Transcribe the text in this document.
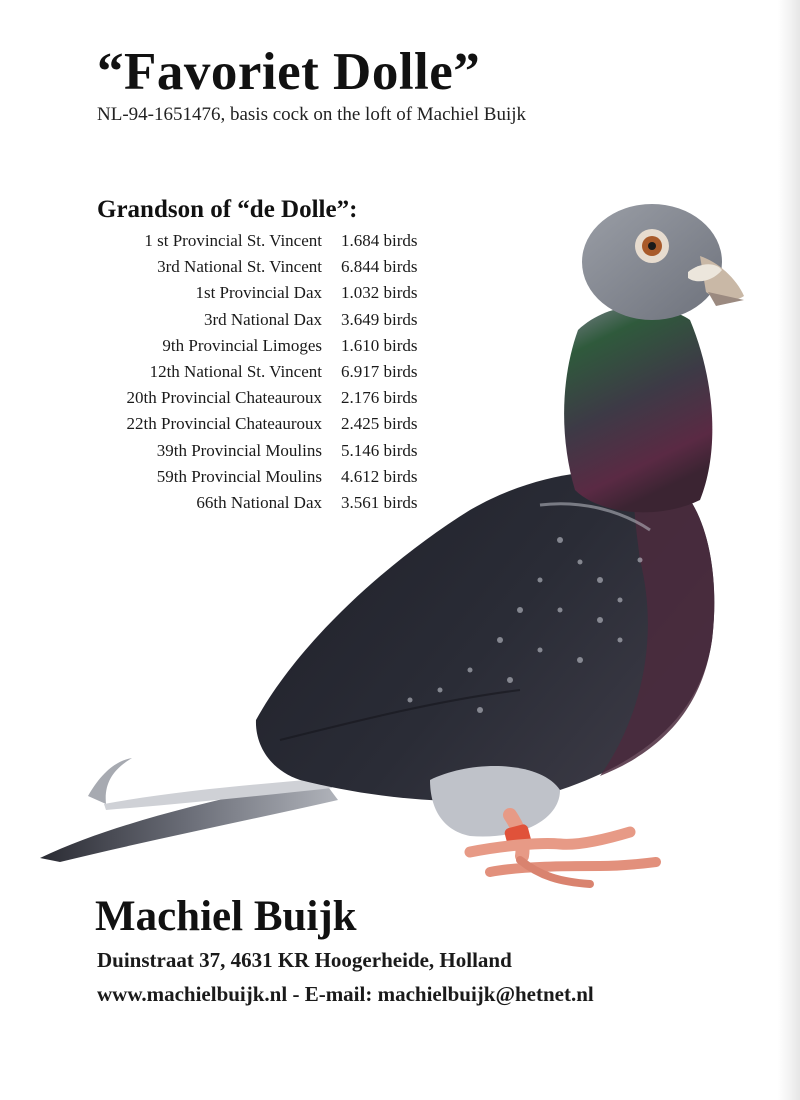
“Favoriet Dolle”
NL-94-1651476, basis cock on the loft of Machiel Buijk
Grandson of “de Dolle”:
1 st Provincial St. Vincent 1.684 birds
3rd National St. Vincent 6.844 birds
1st Provincial Dax 1.032 birds
3rd National Dax 3.649 birds
9th Provincial Limoges 1.610 birds
12th National St. Vincent 6.917 birds
20th Provincial Chateauroux 2.176 birds
22th Provincial Chateauroux 2.425 birds
39th Provincial Moulins 5.146 birds
59th Provincial Moulins 4.612 birds
66th National Dax 3.561 birds
Machiel Buijk
Duinstraat 37, 4631 KR Hoogerheide, Holland
www.machielbuijk.nl - E-mail: machielbuijk@hetnet.nl
